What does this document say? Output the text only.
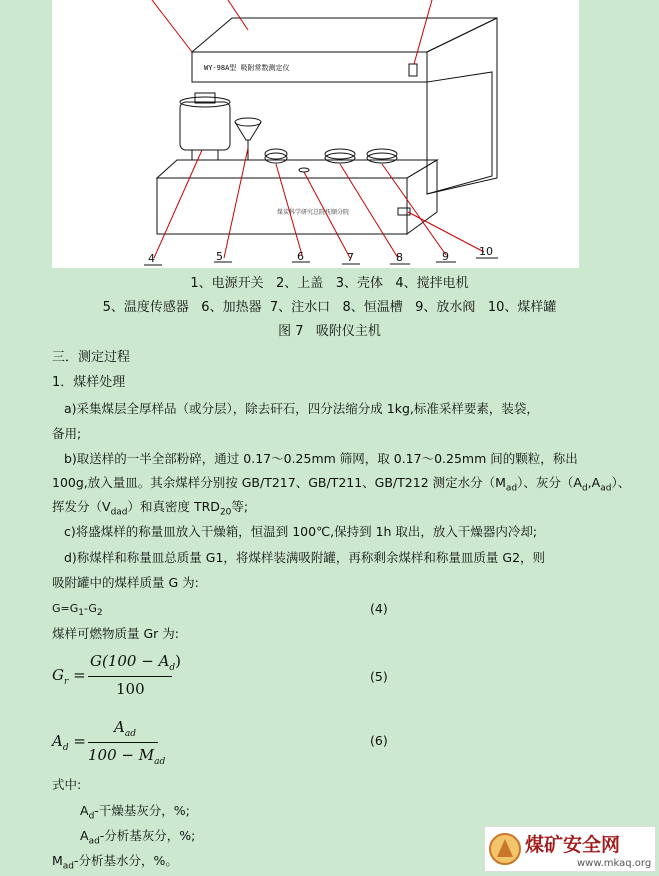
WY-98A型 吸附常数测定仪
煤炭科学研究总院抚顺分院
4	5	6	7	8	9	10
1、电源开关   2、上盖   3、壳体   4、搅拌电机
5、温度传感器   6、加热器  7、注水口   8、恒温槽   9、放水阀   10、煤样罐
图 7   吸附仪主机
三．测定过程
1．煤样处理
a)采集煤层全厚样品（或分层），除去矸石，四分法缩分成 1kg,标准采样要素，装袋，
备用;
b)取送样的一半全部粉碎，通过 0.17～0.25mm 筛网，取 0.17～0.25mm 间的颗粒，称出
100g,放入量皿。其余煤样分别按 GB/T217、GB/T211、GB/T212 测定水分$(M_{ad})$、灰分$(A_d,A_{ad})$、
挥发分$(V_{dad})$和真密度 $TRD_{20}$等;
c)将盛煤样的称量皿放入干燥箱，恒温到 100℃,保持到 1h 取出，放入干燥器内冷却;
d)称煤样和称量皿总质量 G1，将煤样装满吸附罐，再称剩余煤样和称量皿质量 G2，则
吸附罐中的煤样质量 G 为:
$G=G_1-G_2$	(4)
煤样可燃物质量 Gr 为:
$G_r$ =
$G(100 - A_d)$
100
(5)
$A_d$ =
$A_{ad}$
$100 - M_{ad}$
(6)
式中:
$A_d-$干燥基灰分，%;
$A_{ad}-$分析基灰分，%;
$M_{ad}-$分析基水分，%。
煤矿安全网
www.mkaq.org
